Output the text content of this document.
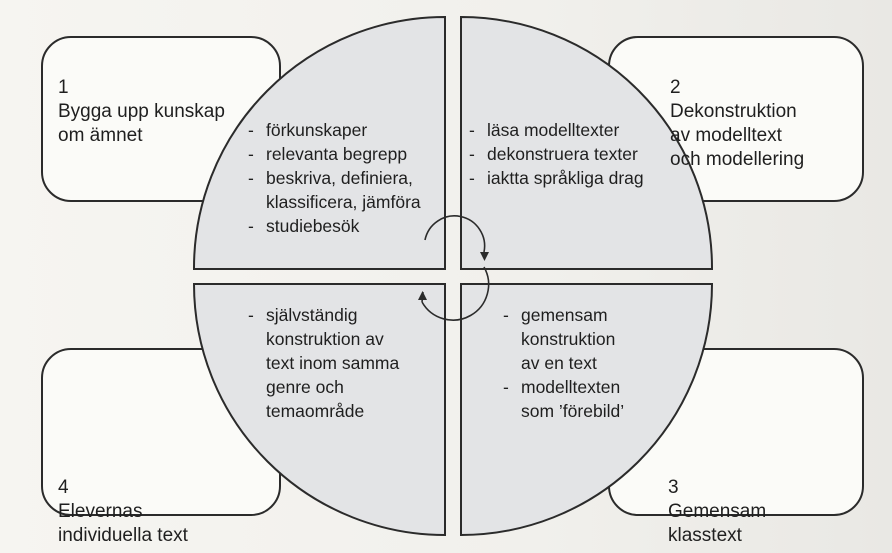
1
Bygga upp kunskap
om ämnet

2
Dekonstruktion
av modelltext
och modellering

3
Gemensam
klasstext

4
Elevernas
individuella text

- förkunskaper
- relevanta begrepp
- beskriva, definiera,
klassificera, jämföra
- studiebesök
- läsa modelltexter
- dekonstruera texter
- iaktta språkliga drag
- gemensam
konstruktion
av en text
- modelltexten
som ’förebild’
- självständig
konstruktion av
text inom samma
genre och
temaområde
